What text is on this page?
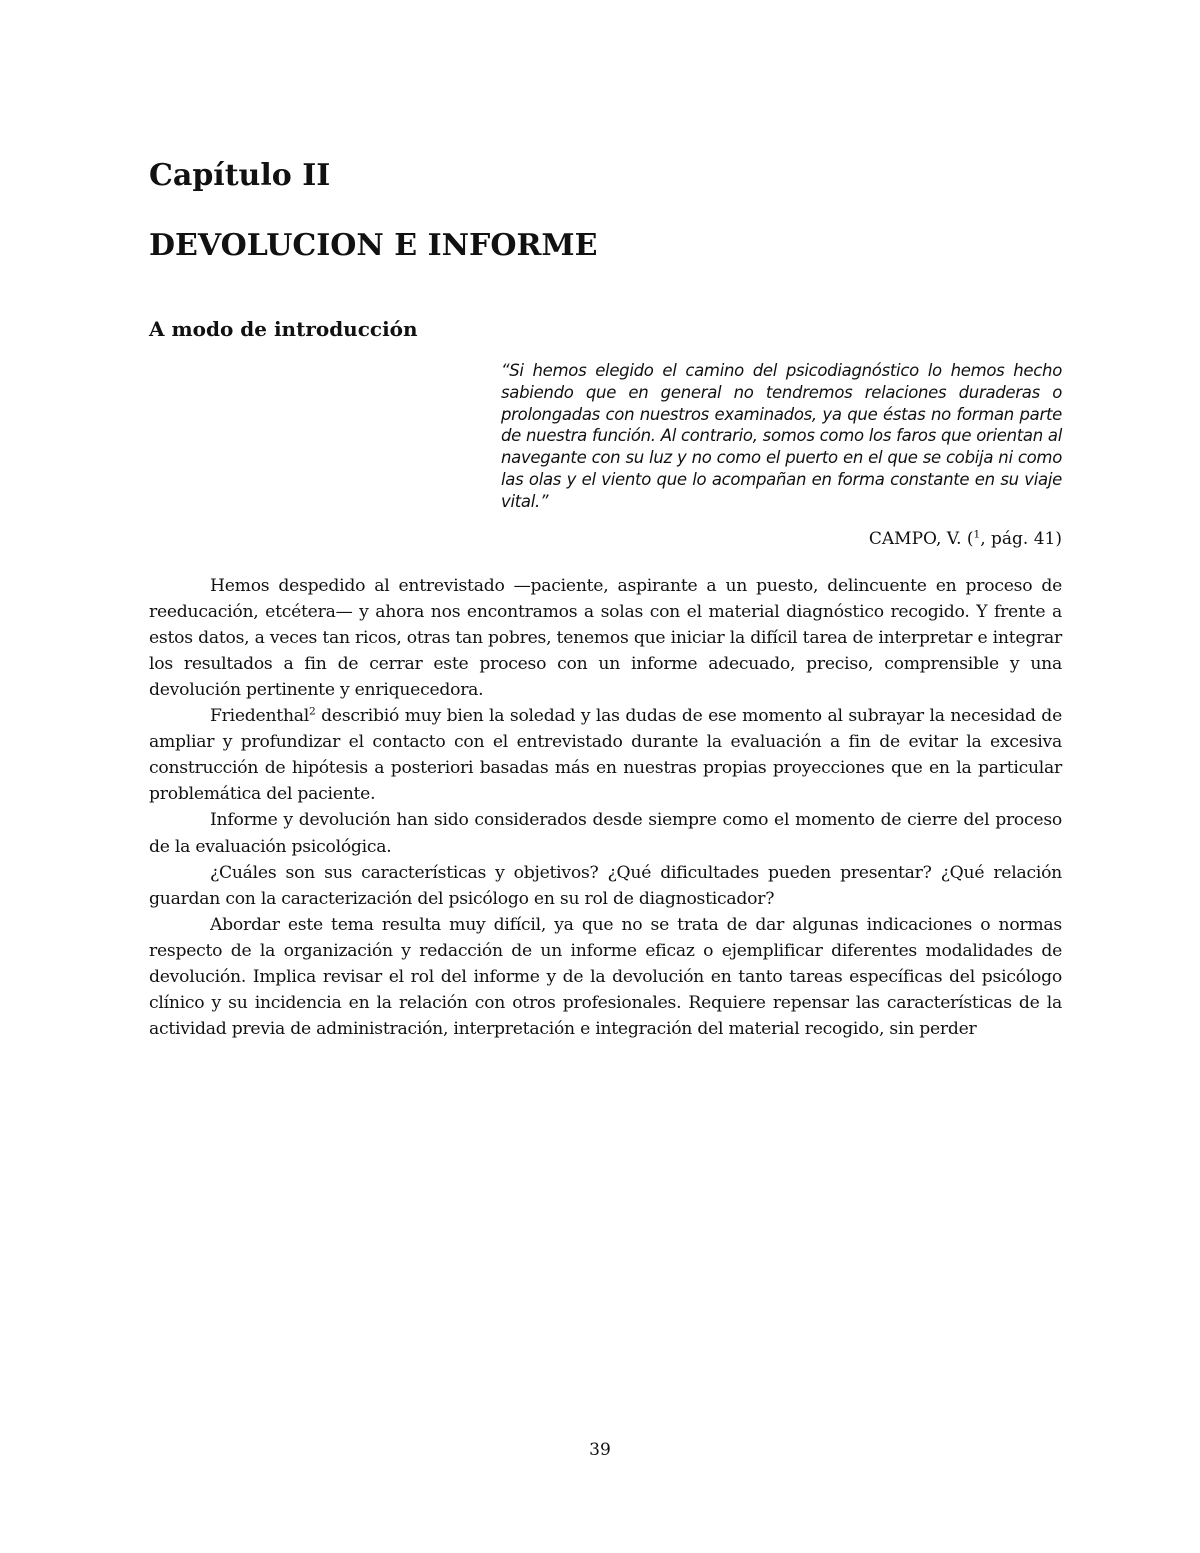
Capítulo II
DEVOLUCION E INFORME
A modo de introducción
“Si hemos elegido el camino del psicodiagnóstico lo hemos hecho sabiendo que en general no tendremos relaciones duraderas o prolongadas con nuestros examinados, ya que éstas no forman parte de nuestra función. Al contrario, somos como los faros que orientan al navegante con su luz y no como el puerto en el que se cobija ni como las olas y el viento que lo acompañan en forma constante en su viaje vital.”
CAMPO, V. ($^1$, pág. 41)

Hemos despedido al entrevistado —paciente, aspirante a un puesto, delincuente en proceso de reeducación, etcétera— y ahora nos encontramos a solas con el material diagnóstico recogido. Y frente a estos datos, a veces tan ricos, otras tan pobres, tenemos que iniciar la difícil tarea de interpretar e integrar los resultados a fin de cerrar este proceso con un informe adecuado, preciso, comprensible y una devolución pertinente y enriquecedora.

Friedenthal$^2$ describió muy bien la soledad y las dudas de ese momento al subrayar la necesidad de ampliar y profundizar el contacto con el entrevistado durante la evaluación a fin de evitar la excesiva construcción de hipótesis a posteriori basadas más en nuestras propias proyecciones que en la particular problemática del paciente.

Informe y devolución han sido considerados desde siempre como el momento de cierre del proceso de la evaluación psicológica.

¿Cuáles son sus características y objetivos? ¿Qué dificultades pueden presentar? ¿Qué relación guardan con la caracterización del psicólogo en su rol de diagnosticador?

Abordar este tema resulta muy difícil, ya que no se trata de dar algunas indicaciones o normas respecto de la organización y redacción de un informe eficaz o ejemplificar diferentes modalidades de devolución. Implica revisar el rol del informe y de la devolución en tanto tareas específicas del psicólogo clínico y su incidencia en la relación con otros profesionales. Requiere repensar las características de la actividad previa de administración, interpretación e integración del material recogido, sin perder

39
